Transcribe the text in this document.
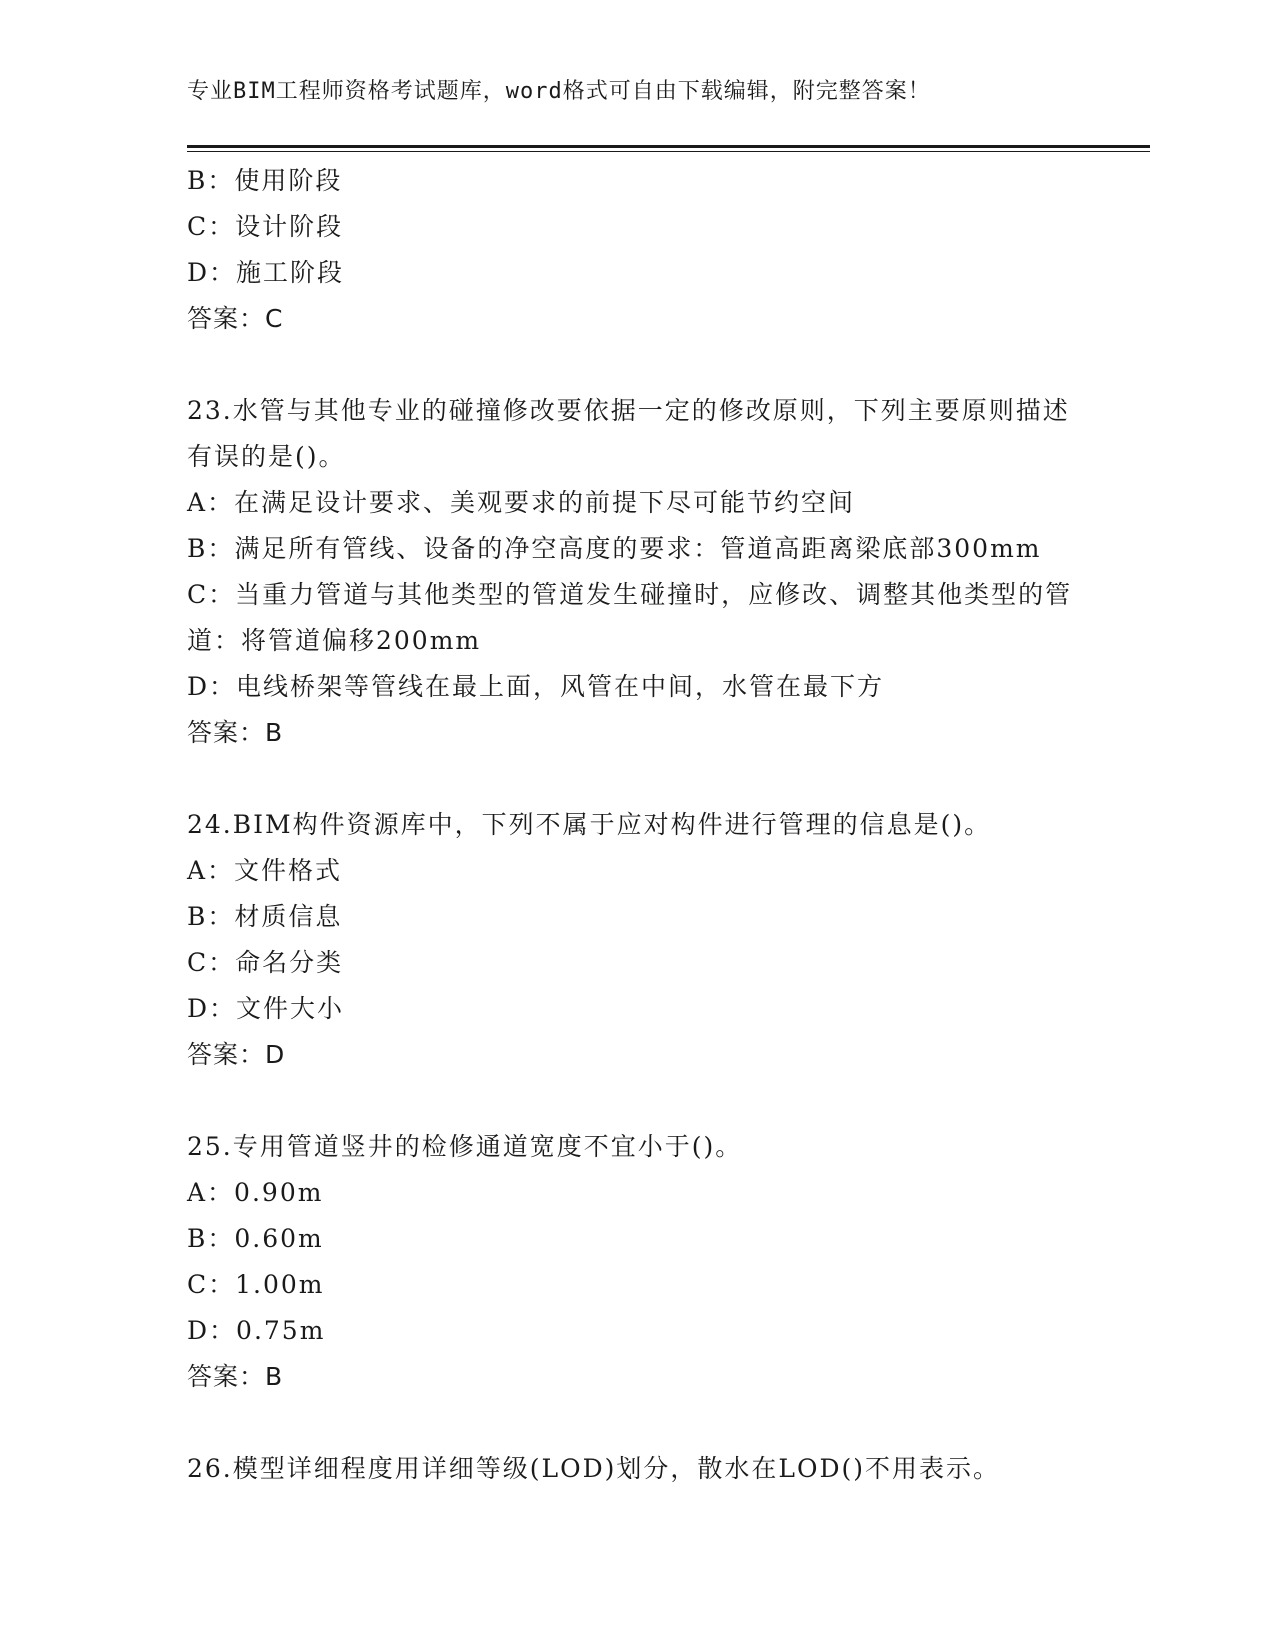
专业BIM工程师资格考试题库，word格式可自由下载编辑，附完整答案！
B：使用阶段
C：设计阶段
D：施工阶段
答案：C
23.水管与其他专业的碰撞修改要依据一定的修改原则，下列主要原则描述有误的是()。
A：在满足设计要求、美观要求的前提下尽可能节约空间
B：满足所有管线、设备的净空高度的要求：管道高距离梁底部300mm
C：当重力管道与其他类型的管道发生碰撞时，应修改、调整其他类型的管道：将管道偏移200mm
D：电线桥架等管线在最上面，风管在中间，水管在最下方
答案：B
24.BIM构件资源库中，下列不属于应对构件进行管理的信息是()。
A：文件格式
B：材质信息
C：命名分类
D：文件大小
答案：D
25.专用管道竖井的检修通道宽度不宜小于()。
A：0.90m
B：0.60m
C：1.00m
D：0.75m
答案：B
26.模型详细程度用详细等级(LOD)划分，散水在LOD()不用表示。
